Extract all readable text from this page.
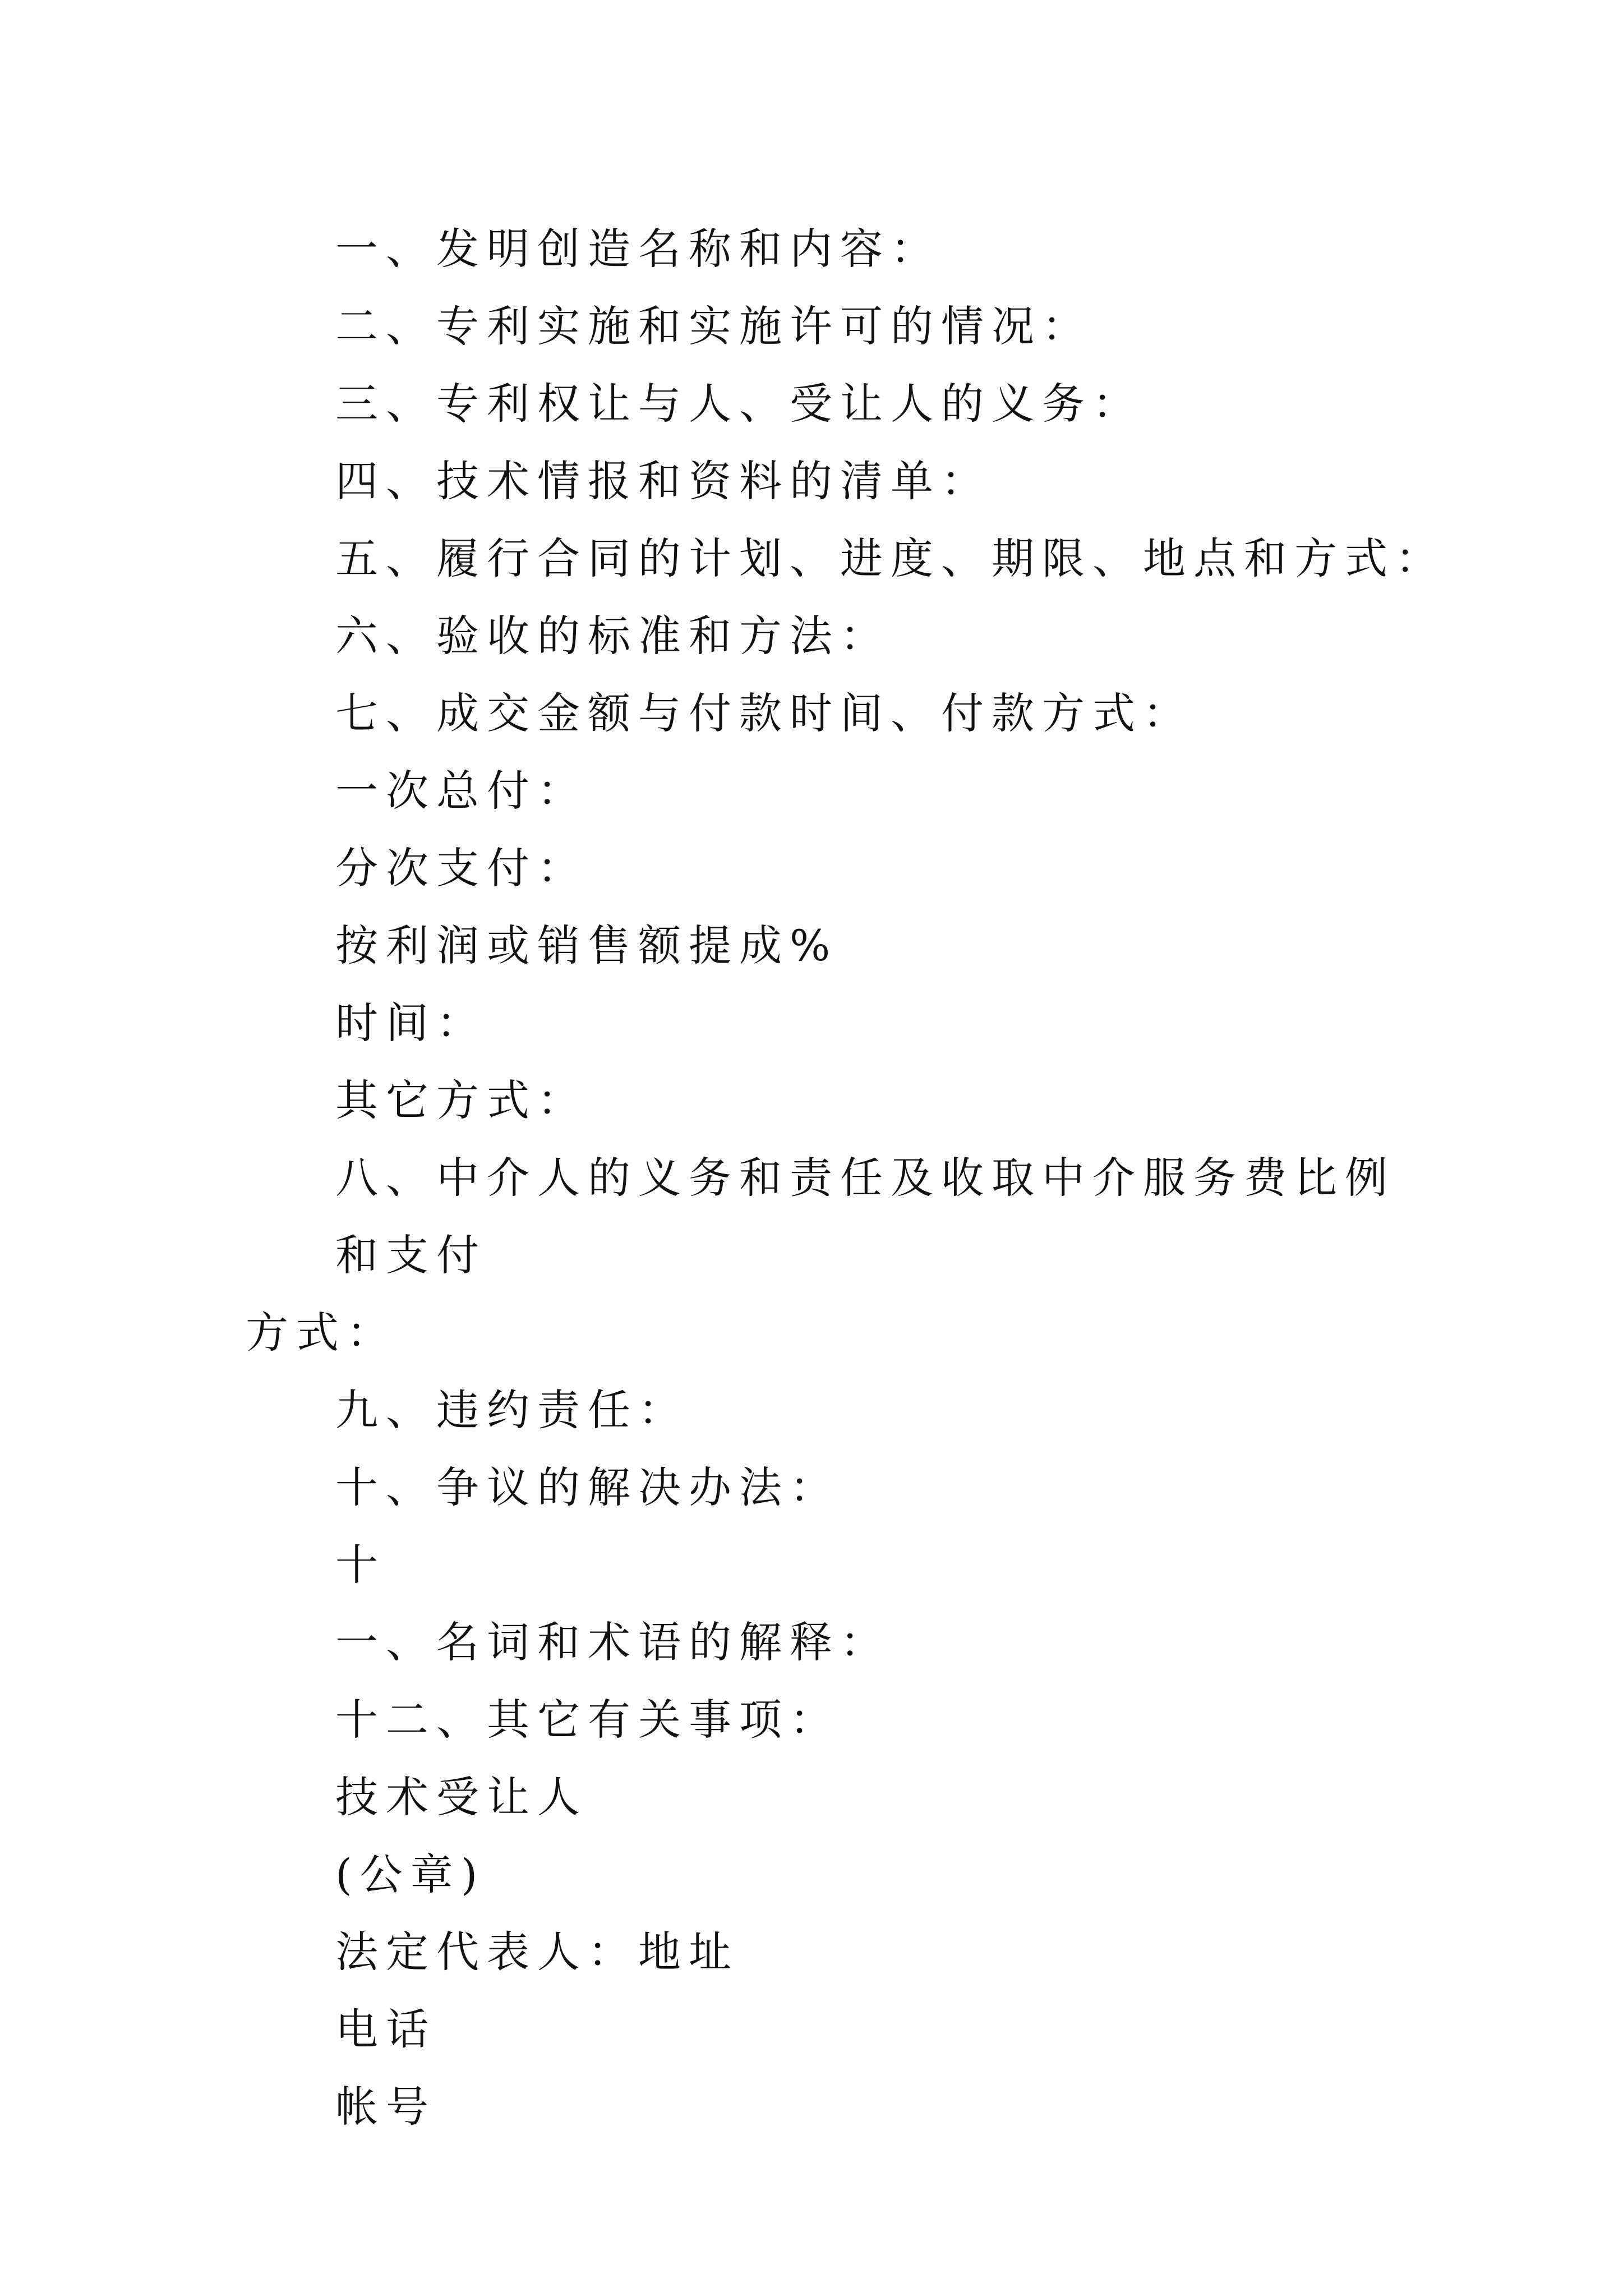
一、发明创造名称和内容：
二、专利实施和实施许可的情况：
三、专利权让与人、受让人的义务：
四、技术情报和资料的清单：
五、履行合同的计划、进度、期限、地点和方式：
六、验收的标准和方法：
七、成交金额与付款时间、付款方式：
一次总付：
分次支付：
按利润或销售额提成%
时间：
其它方式：
八、中介人的义务和责任及收取中介服务费比例和支付
方式：
九、违约责任：
十、争议的解决办法：
十
一、名词和术语的解释：
十二、其它有关事项：
技术受让人
(公章)
法定代表人：地址
电话
帐号
